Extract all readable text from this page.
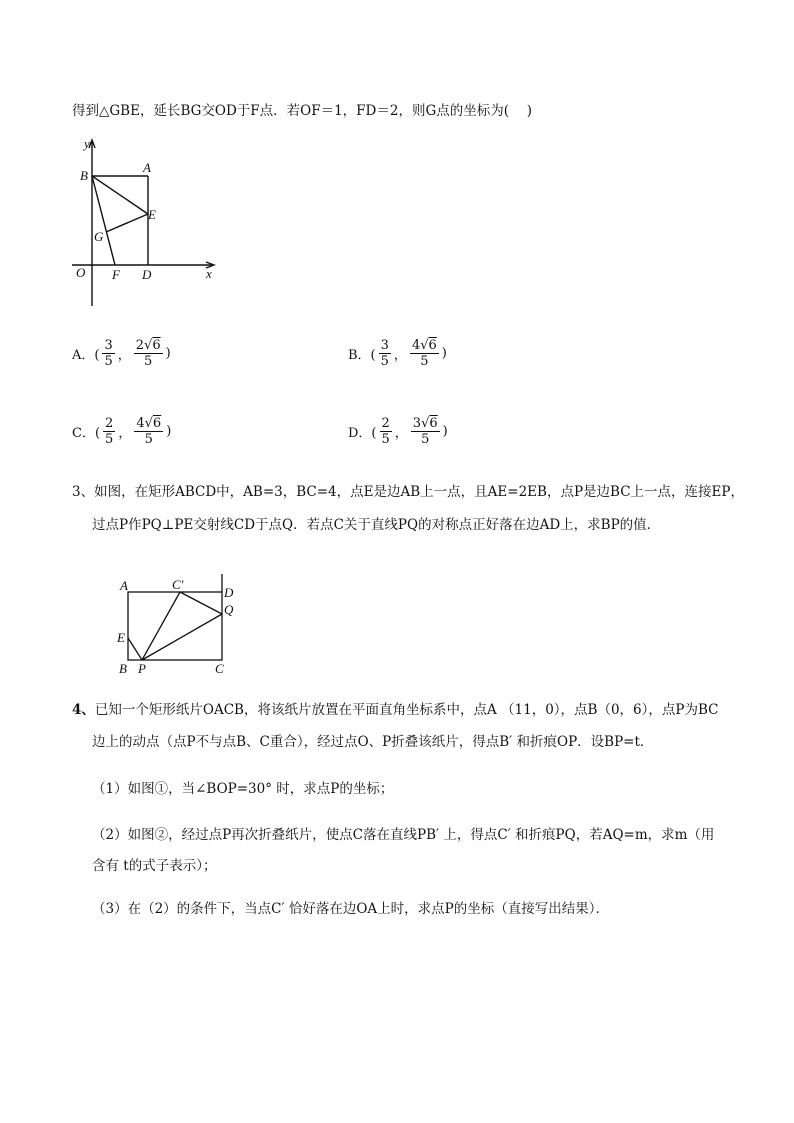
得到△GBE，延长BG交OD于F点．若OF＝1，FD＝2，则G点的坐标为(　 )
y
x
O F D
B
A
E
G
A．( $\frac{3}{5}$ ， $\frac{2√6}{5}$ )	B．( $\frac{3}{5}$ ， $\frac{4√6}{5}$ )
C．( $\frac{2}{5}$ ， $\frac{4√6}{5}$ )	D．( $\frac{2}{5}$ ， $\frac{3√6}{5}$ )
3、如图，在矩形ABCD中，AB=3，BC=4，点E是边AB上一点，且AE=2EB，点P是边BC上一点，连接EP，
过点P作PQ⊥PE交射线CD于点Q．若点C关于直线PQ的对称点正好落在边AD上，求BP的值．
A	C′
D
Q
E
B P	C
4、已知一个矩形纸片OACB，将该纸片放置在平面直角坐标系中，点A （11，0），点B（0，6），点P为BC
边上的动点（点P不与点B、C重合），经过点O、P折叠该纸片，得点B′ 和折痕OP．设BP=t．
（1）如图①，当∠BOP=30° 时，求点P的坐标；
（2）如图②，经过点P再次折叠纸片，使点C落在直线PB′ 上，得点C′ 和折痕PQ，若AQ=m，求m（用
含有 t的式子表示）；
（3）在（2）的条件下，当点C′ 恰好落在边OA上时，求点P的坐标（直接写出结果）．
